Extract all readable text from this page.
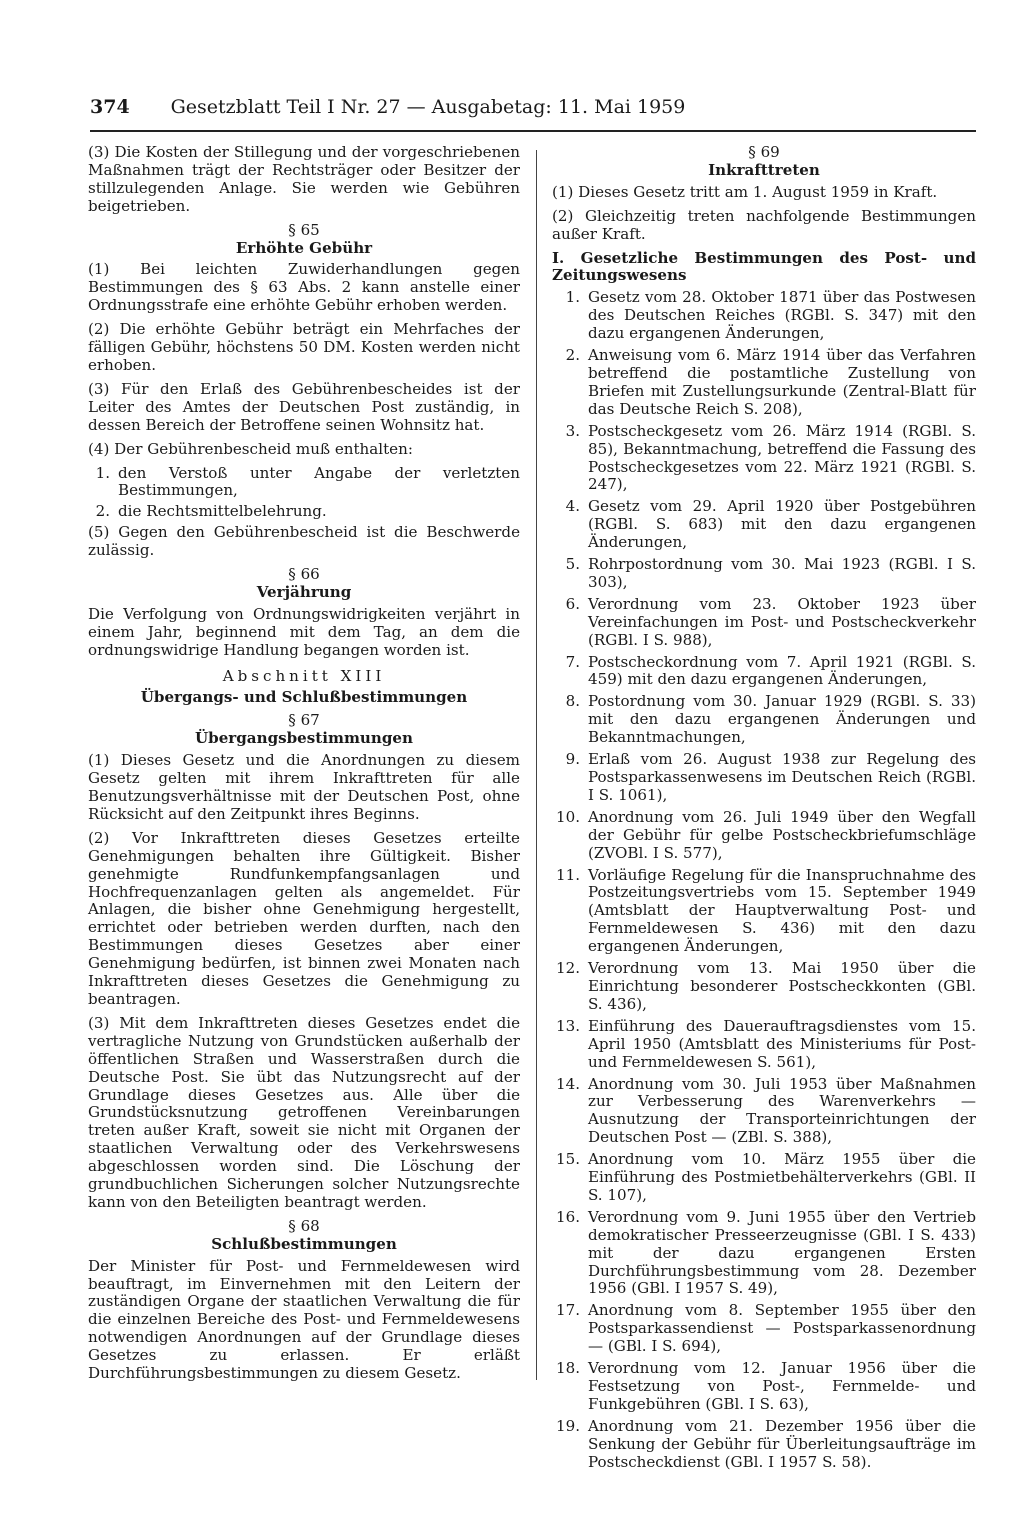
374	Gesetzblatt Teil I Nr. 27 — Ausgabetag: 11. Mai 1959

(3) Die Kosten der Stillegung und der vorgeschriebenen Maßnahmen trägt der Rechtsträger oder Besitzer der stillzulegenden Anlage. Sie werden wie Gebühren beigetrieben.

§ 65
Erhöhte Gebühr

(1) Bei leichten Zuwiderhandlungen gegen Bestimmungen des § 63 Abs. 2 kann anstelle einer Ordnungsstrafe eine erhöhte Gebühr erhoben werden.

(2) Die erhöhte Gebühr beträgt ein Mehrfaches der fälligen Gebühr, höchstens 50 DM. Kosten werden nicht erhoben.

(3) Für den Erlaß des Gebührenbescheides ist der Leiter des Amtes der Deutschen Post zuständig, in dessen Bereich der Betroffene seinen Wohnsitz hat.

(4) Der Gebührenbescheid muß enthalten:

1. den Verstoß unter Angabe der verletzten Bestimmungen,
2. die Rechtsmittelbelehrung.

(5) Gegen den Gebührenbescheid ist die Beschwerde zulässig.

§ 66
Verjährung

Die Verfolgung von Ordnungswidrigkeiten verjährt in einem Jahr, beginnend mit dem Tag, an dem die ordnungswidrige Handlung begangen worden ist.

Abschnitt XIII
Übergangs- und Schlußbestimmungen
§ 67
Übergangsbestimmungen

(1) Dieses Gesetz und die Anordnungen zu diesem Gesetz gelten mit ihrem Inkrafttreten für alle Benutzungsverhältnisse mit der Deutschen Post, ohne Rücksicht auf den Zeitpunkt ihres Beginns.

(2) Vor Inkrafttreten dieses Gesetzes erteilte Genehmigungen behalten ihre Gültigkeit. Bisher genehmigte Rundfunkempfangsanlagen und Hochfrequenzanlagen gelten als angemeldet. Für Anlagen, die bisher ohne Genehmigung hergestellt, errichtet oder betrieben werden durften, nach den Bestimmungen dieses Gesetzes aber einer Genehmigung bedürfen, ist binnen zwei Monaten nach Inkrafttreten dieses Gesetzes die Genehmigung zu beantragen.

(3) Mit dem Inkrafttreten dieses Gesetzes endet die vertragliche Nutzung von Grundstücken außerhalb der öffentlichen Straßen und Wasserstraßen durch die Deutsche Post. Sie übt das Nutzungsrecht auf der Grundlage dieses Gesetzes aus. Alle über die Grundstücksnutzung getroffenen Vereinbarungen treten außer Kraft, soweit sie nicht mit Organen der staatlichen Verwaltung oder des Verkehrswesens abgeschlossen worden sind. Die Löschung der grundbuchlichen Sicherungen solcher Nutzungsrechte kann von den Beteiligten beantragt werden.

§ 68
Schlußbestimmungen

Der Minister für Post- und Fernmeldewesen wird beauftragt, im Einvernehmen mit den Leitern der zuständigen Organe der staatlichen Verwaltung die für die einzelnen Bereiche des Post- und Fernmeldewesens notwendigen Anordnungen auf der Grundlage dieses Gesetzes zu erlassen. Er erläßt Durchführungsbestimmungen zu diesem Gesetz.

§ 69
Inkrafttreten

(1) Dieses Gesetz tritt am 1. August 1959 in Kraft.

(2) Gleichzeitig treten nachfolgende Bestimmungen außer Kraft.

I. Gesetzliche Bestimmungen des Post- und Zeitungswesens
1. Gesetz vom 28. Oktober 1871 über das Postwesen des Deutschen Reiches (RGBl. S. 347) mit den dazu ergangenen Änderungen,
2. Anweisung vom 6. März 1914 über das Verfahren betreffend die postamtliche Zustellung von Briefen mit Zustellungsurkunde (Zentral-Blatt für das Deutsche Reich S. 208),
3. Postscheckgesetz vom 26. März 1914 (RGBl. S. 85), Bekanntmachung, betreffend die Fassung des Postscheckgesetzes vom 22. März 1921 (RGBl. S. 247),
4. Gesetz vom 29. April 1920 über Postgebühren (RGBl. S. 683) mit den dazu ergangenen Änderungen,
5. Rohrpostordnung vom 30. Mai 1923 (RGBl. I S. 303),
6. Verordnung vom 23. Oktober 1923 über Vereinfachungen im Post- und Postscheckverkehr (RGBl. I S. 988),
7. Postscheckordnung vom 7. April 1921 (RGBl. S. 459) mit den dazu ergangenen Änderungen,
8. Postordnung vom 30. Januar 1929 (RGBl. S. 33) mit den dazu ergangenen Änderungen und Bekanntmachungen,
9. Erlaß vom 26. August 1938 zur Regelung des Postsparkassenwesens im Deutschen Reich (RGBl. I S. 1061),
10. Anordnung vom 26. Juli 1949 über den Wegfall der Gebühr für gelbe Postscheckbriefumschläge (ZVOBl. I S. 577),
11. Vorläufige Regelung für die Inanspruchnahme des Postzeitungsvertriebs vom 15. September 1949 (Amtsblatt der Hauptverwaltung Post- und Fernmeldewesen S. 436) mit den dazu ergangenen Änderungen,
12. Verordnung vom 13. Mai 1950 über die Einrichtung besonderer Postscheckkonten (GBl. S. 436),
13. Einführung des Dauerauftragsdienstes vom 15. April 1950 (Amtsblatt des Ministeriums für Post- und Fernmeldewesen S. 561),
14. Anordnung vom 30. Juli 1953 über Maßnahmen zur Verbesserung des Warenverkehrs — Ausnutzung der Transporteinrichtungen der Deutschen Post — (ZBl. S. 388),
15. Anordnung vom 10. März 1955 über die Einführung des Postmietbehälterverkehrs (GBl. II S. 107),
16. Verordnung vom 9. Juni 1955 über den Vertrieb demokratischer Presseerzeugnisse (GBl. I S. 433) mit der dazu ergangenen Ersten Durchführungsbestimmung vom 28. Dezember 1956 (GBl. I 1957 S. 49),
17. Anordnung vom 8. September 1955 über den Postsparkassendienst — Postsparkassenordnung — (GBl. I S. 694),
18. Verordnung vom 12. Januar 1956 über die Festsetzung von Post-, Fernmelde- und Funkgebühren (GBl. I S. 63),
19. Anordnung vom 21. Dezember 1956 über die Senkung der Gebühr für Überleitungsaufträge im Postscheckdienst (GBl. I 1957 S. 58).
